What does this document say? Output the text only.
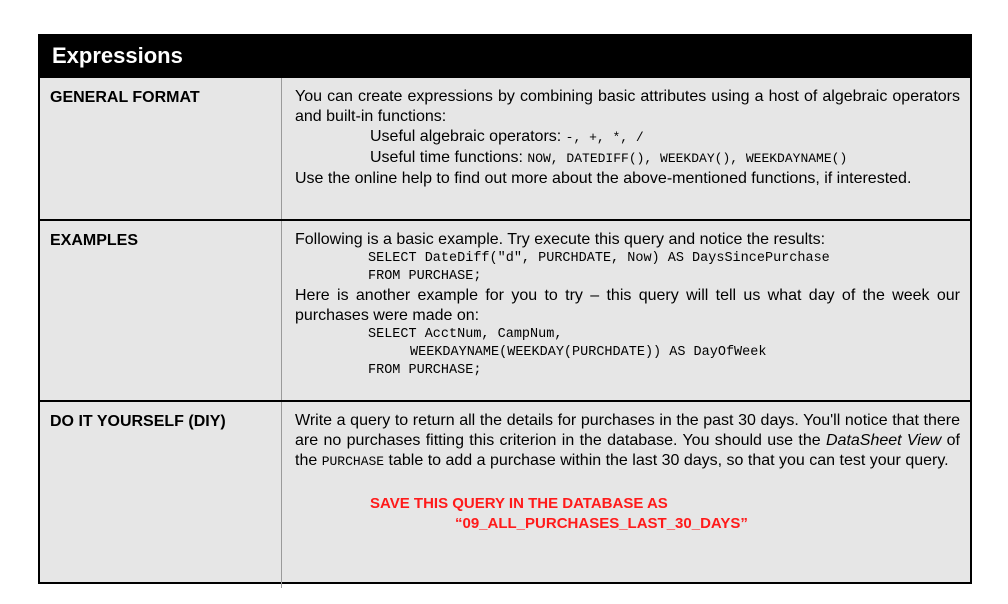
Expressions
GENERAL FORMAT	You can create expressions by combining basic attributes using a host of algebraic operators and built-in functions:

Useful algebraic operators: -, +, *, /

Useful time functions: NOW, DATEDIFF(), WEEKDAY(), WEEKDAYNAME()

Use the online help to find out more about the above-mentioned functions, if interested.

EXAMPLES	Following is a basic example. Try execute this query and notice the results:

SELECT DateDiff("d", PURCHDATE, Now) AS DaysSincePurchase
FROM PURCHASE;

Here is another example for you to try – this query will tell us what day of the week our purchases were made on:

SELECT AcctNum, CampNum,
WEEKDAYNAME(WEEKDAY(PURCHDATE)) AS DayOfWeek
FROM PURCHASE;
DO IT YOURSELF (DIY)	Write a query to return all the details for purchases in the past 30 days. You'll notice that there are no purchases fitting this criterion in the database. You should use the DataSheet View of the PURCHASE table to add a purchase within the last 30 days, so that you can test your query.

SAVE THIS QUERY IN THE DATABASE AS
“09_ALL_PURCHASES_LAST_30_DAYS”
